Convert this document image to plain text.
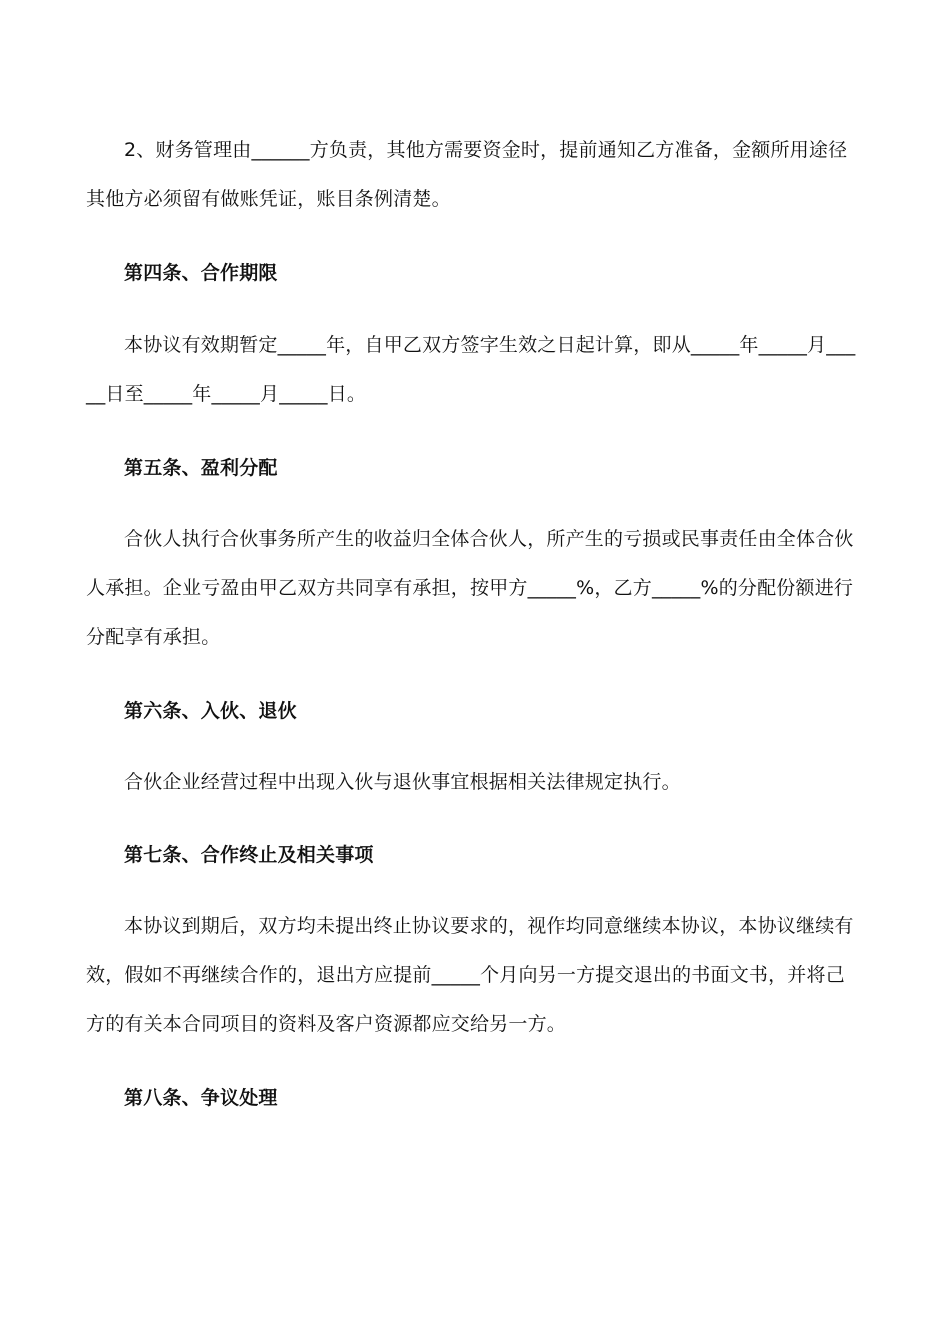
2、财务管理由______方负责，其他方需要资金时，提前通知乙方准备，金额所用途径其他方必须留有做账凭证，账目条例清楚。

第四条、合作期限

本协议有效期暂定_____年，自甲乙双方签字生效之日起计算，即从_____年_____月_____日至_____年_____月_____日。

第五条、盈利分配

合伙人执行合伙事务所产生的收益归全体合伙人，所产生的亏损或民事责任由全体合伙人承担。企业亏盈由甲乙双方共同享有承担，按甲方_____%，乙方_____%的分配份额进行分配享有承担。

第六条、入伙、退伙

合伙企业经营过程中出现入伙与退伙事宜根据相关法律规定执行。

第七条、合作终止及相关事项

本协议到期后，双方均未提出终止协议要求的，视作均同意继续本协议，本协议继续有效，假如不再继续合作的，退出方应提前_____个月向另一方提交退出的书面文书，并将己方的有关本合同项目的资料及客户资源都应交给另一方。

第八条、争议处理
